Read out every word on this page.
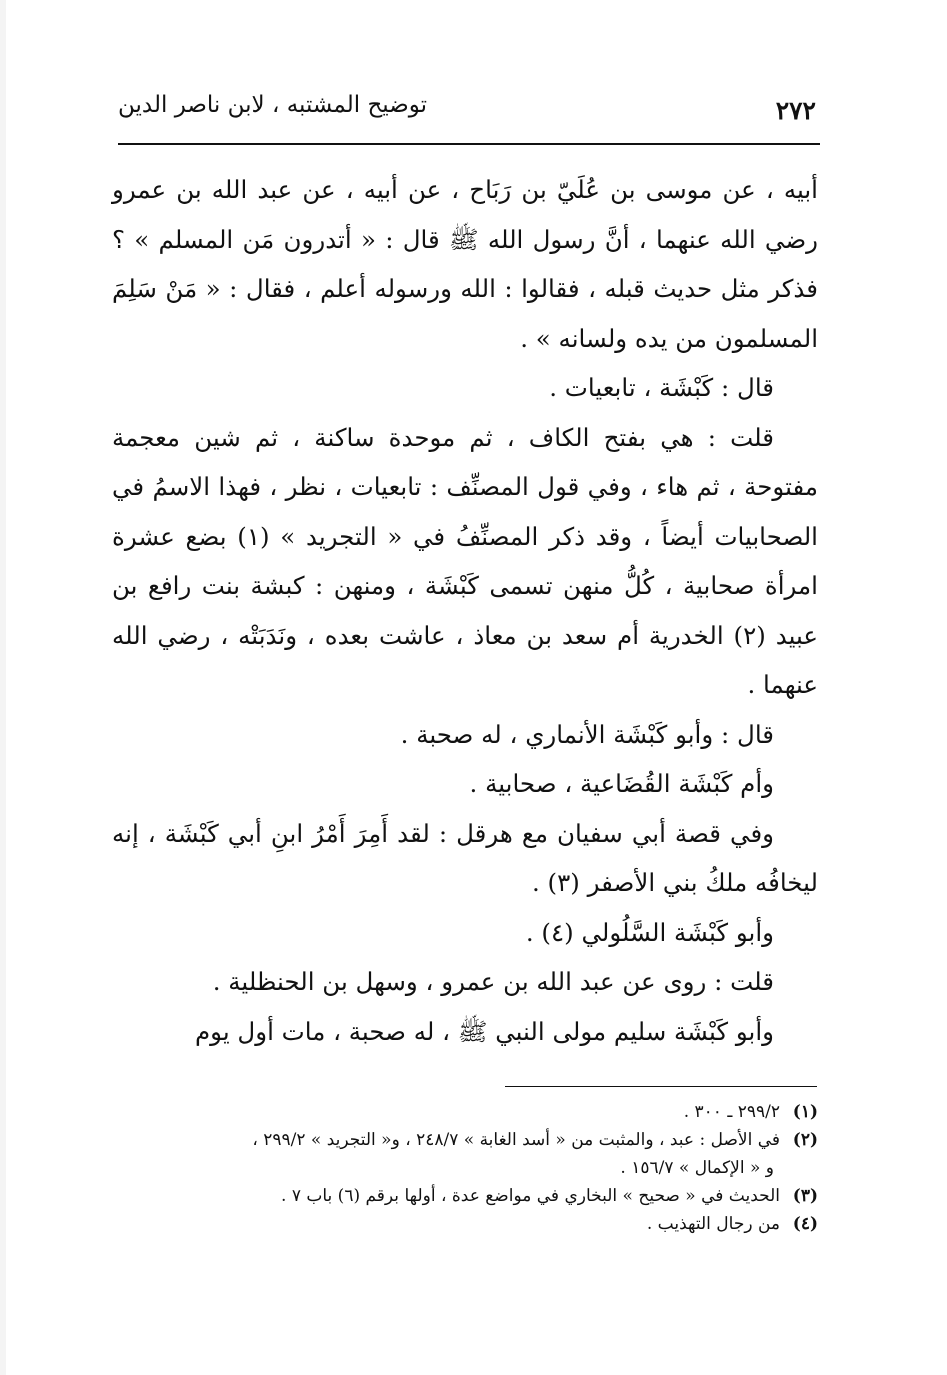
٢٧٢
توضيح المشتبه ، لابن ناصر الدين

أبيه ، عن موسى بن عُلَيّ بن رَبَاح ، عن أبيه ، عن عبد الله بن عمرو رضي الله عنهما ، أنَّ رسول الله ﷺ قال : « أتدرون مَن المسلم » ؟ فذكر مثل حديث قبله ، فقالوا : الله ورسوله أعلم ، فقال : « مَنْ سَلِمَ المسلمون من يده ولسانه » .

قال : كَبْشَة ، تابعيات .

قلت : هي بفتح الكاف ، ثم موحدة ساكنة ، ثم شين معجمة مفتوحة ، ثم هاء ، وفي قول المصنِّف : تابعيات ، نظر ، فهذا الاسمُ في الصحابيات أيضاً ، وقد ذكر المصنِّفُ في « التجريد » (١) بضع عشرة امرأة صحابية ، كُلُّ منهن تسمى كَبْشَة ، ومنهن : كبشة بنت رافع بن عبيد (٢) الخدرية أم سعد بن معاذ ، عاشت بعده ، ونَدَبَتْه ، رضي الله عنهما .

قال : وأبو كَبْشَة الأنماري ، له صحبة .

وأم كَبْشَة القُضَاعية ، صحابية .

وفي قصة أبي سفيان مع هرقل : لقد أَمِرَ أَمْرُ ابنِ أبي كَبْشَة ، إنه ليخافُه ملكُ بني الأصفر (٣) .

وأبو كَبْشَة السَّلُولي (٤) .

قلت : روى عن عبد الله بن عمرو ، وسهل بن الحنظلية .

وأبو كَبْشَة سليم مولى النبي ﷺ ، له صحبة ، مات أول يوم

(١)
٢٩٩/٢ ـ ٣٠٠ .

(٢)
في الأصل : عبد ، والمثبت من « أسد الغابة » ٢٤٨/٧ ، و« التجريد » ٢٩٩/٢ ،

و « الإكمال » ١٥٦/٧ .

(٣)
الحديث في « صحيح » البخاري في مواضع عدة ، أولها برقم (٦) باب ٧ .

(٤)
من رجال التهذيب .
